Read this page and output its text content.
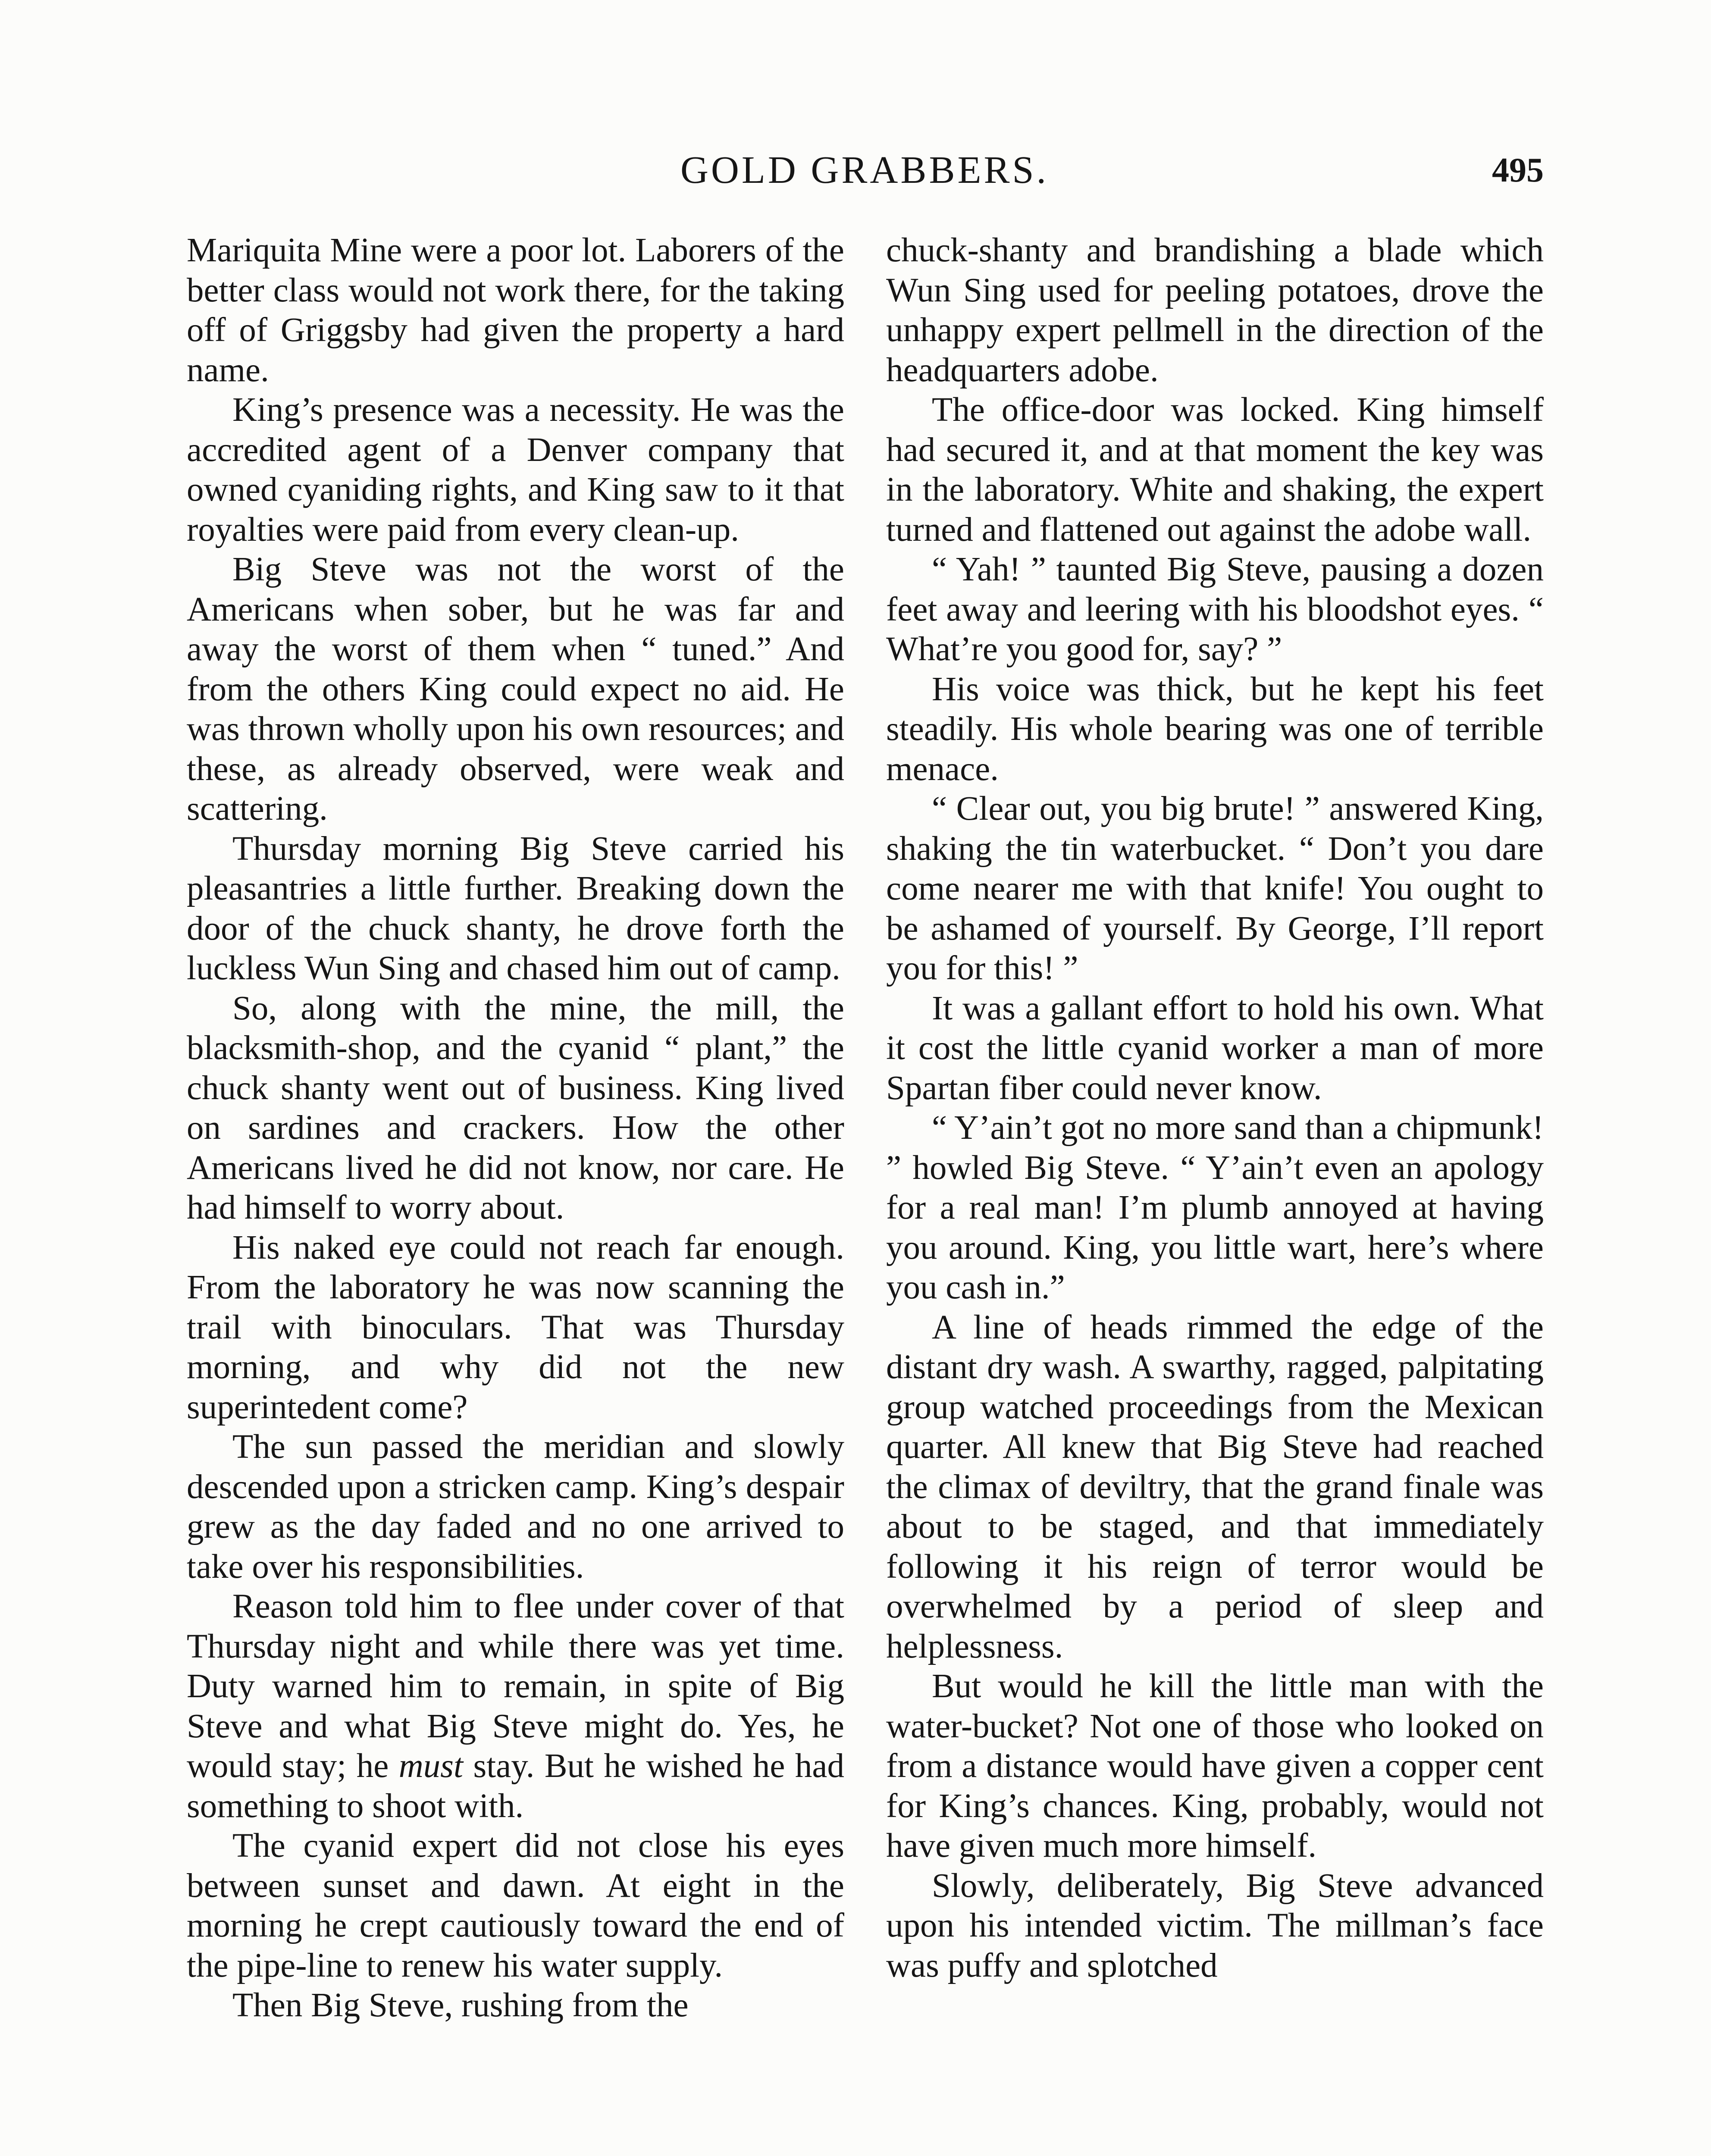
GOLD GRABBERS.	495

Mariquita Mine were a poor lot. Laborers of the better class would not work there, for the taking off of Griggsby had given the property a hard name.

King’s presence was a necessity. He was the accredited agent of a Denver company that owned cyaniding rights, and King saw to it that royalties were paid from every clean-up.

Big Steve was not the worst of the Americans when sober, but he was far and away the worst of them when “ tuned.” And from the others King could expect no aid. He was thrown wholly upon his own resources; and these, as already observed, were weak and scattering.

Thursday morning Big Steve carried his pleasantries a little further. Breaking down the door of the chuck shanty, he drove forth the luckless Wun Sing and chased him out of camp.

So, along with the mine, the mill, the blacksmith-shop, and the cyanid “ plant,” the chuck shanty went out of business. King lived on sardines and crackers. How the other Americans lived he did not know, nor care. He had himself to worry about.

His naked eye could not reach far enough. From the laboratory he was now scanning the trail with binoculars. That was Thursday morning, and why did not the new superintedent come?

The sun passed the meridian and slowly descended upon a stricken camp. King’s despair grew as the day faded and no one arrived to take over his responsibilities.

Reason told him to flee under cover of that Thursday night and while there was yet time. Duty warned him to remain, in spite of Big Steve and what Big Steve might do. Yes, he would stay; he must stay. But he wished he had something to shoot with.

The cyanid expert did not close his eyes between sunset and dawn. At eight in the morning he crept cautiously toward the end of the pipe-line to renew his water supply.

Then Big Steve, rushing from the

chuck-shanty and brandishing a blade which Wun Sing used for peeling potatoes, drove the unhappy expert pellmell in the direction of the headquarters adobe.

The office-door was locked. King himself had secured it, and at that moment the key was in the laboratory. White and shaking, the expert turned and flattened out against the adobe wall.

“ Yah! ” taunted Big Steve, pausing a dozen feet away and leering with his bloodshot eyes. “ What’re you good for, say? ”

His voice was thick, but he kept his feet steadily. His whole bearing was one of terrible menace.

“ Clear out, you big brute! ” answered King, shaking the tin waterbucket. “ Don’t you dare come nearer me with that knife! You ought to be ashamed of yourself. By George, I’ll report you for this! ”

It was a gallant effort to hold his own. What it cost the little cyanid worker a man of more Spartan fiber could never know.

“ Y’ain’t got no more sand than a chipmunk! ” howled Big Steve. “ Y’ain’t even an apology for a real man! I’m plumb annoyed at having you around. King, you little wart, here’s where you cash in.”

A line of heads rimmed the edge of the distant dry wash. A swarthy, ragged, palpitating group watched proceedings from the Mexican quarter. All knew that Big Steve had reached the climax of deviltry, that the grand finale was about to be staged, and that immediately following it his reign of terror would be overwhelmed by a period of sleep and helplessness.

But would he kill the little man with the water-bucket? Not one of those who looked on from a distance would have given a copper cent for King’s chances. King, probably, would not have given much more himself.

Slowly, deliberately, Big Steve advanced upon his intended victim. The millman’s face was puffy and splotched
